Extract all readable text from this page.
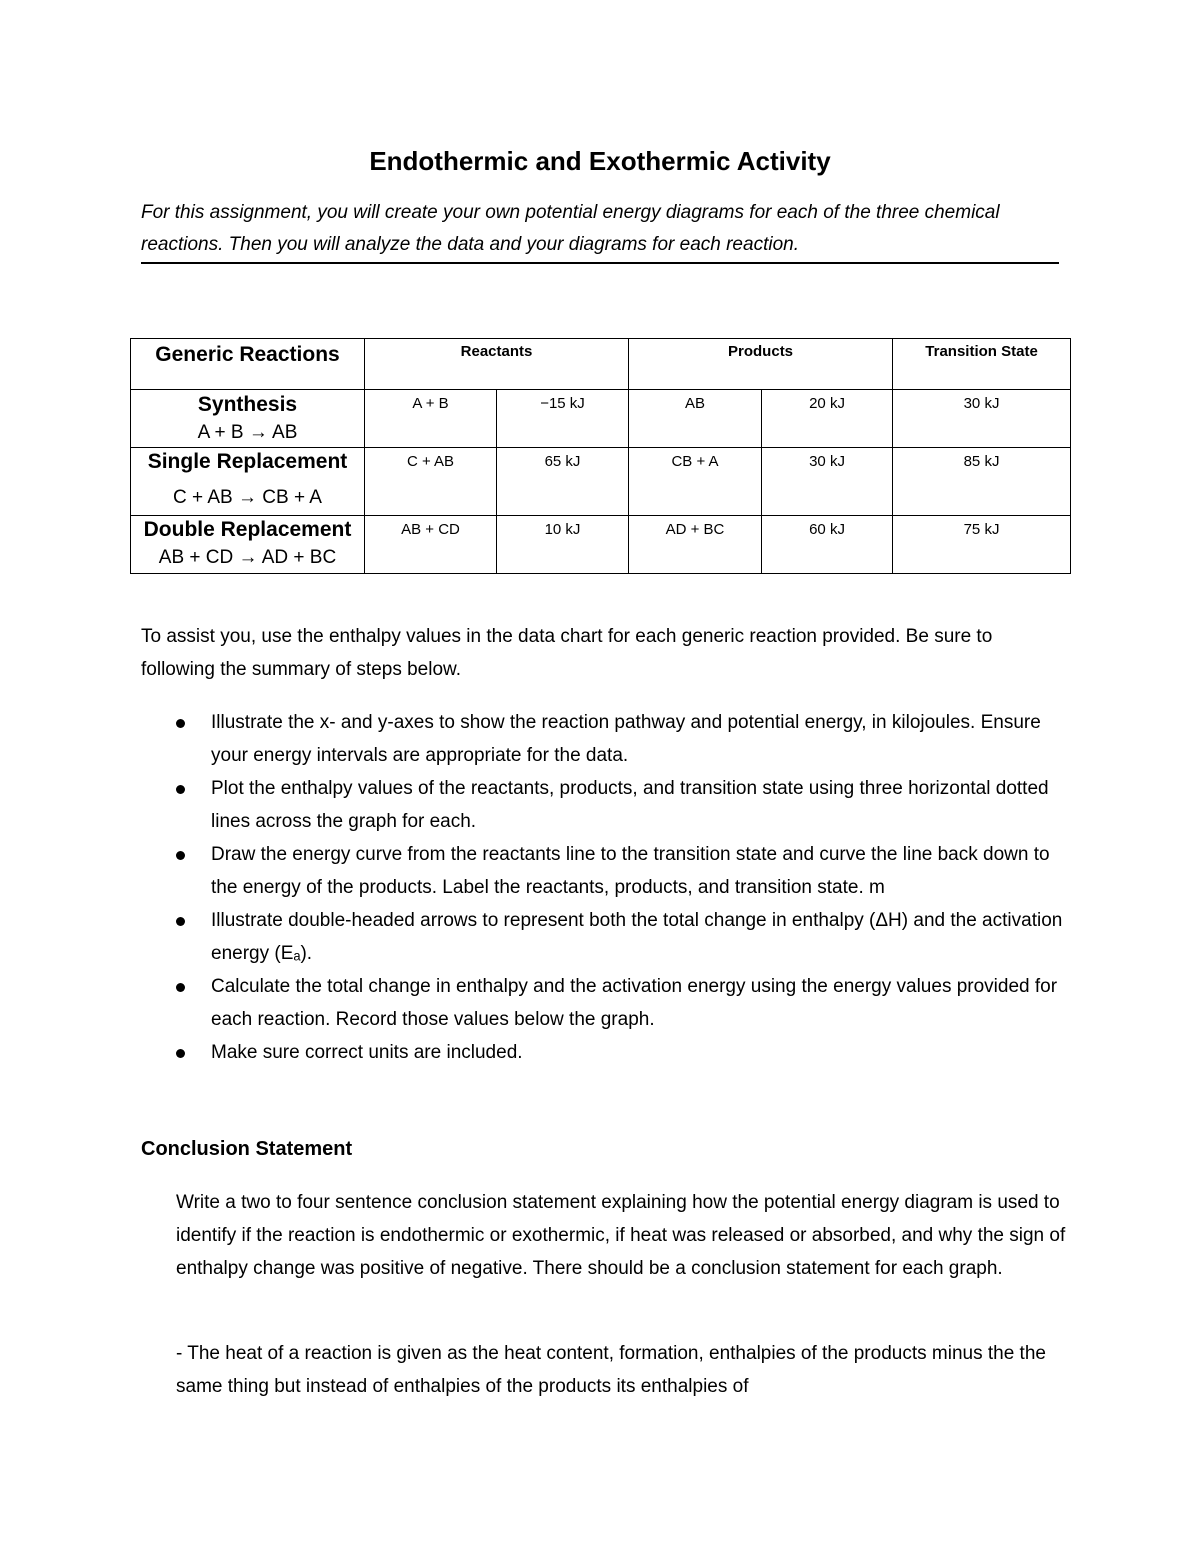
Endothermic and Exothermic Activity
For this assignment, you will create your own potential energy diagrams for each of the three chemical reactions. Then you will analyze the data and your diagrams for each reaction.
Generic Reactions	Reactants		Products		Transition State

Synthesis
A + B → AB	A + B	−15 kJ	AB	20 kJ	30 kJ

Single Replacement
C + AB → CB + A	C + AB	65 kJ	CB + A	30 kJ	85 kJ

Double Replacement
AB + CD → AD + BC	AB + CD	10 kJ	AD + BC	60 kJ	75 kJ
To assist you, use the enthalpy values in the data chart for each generic reaction provided. Be sure to following the summary of steps below.
Illustrate the x- and y-axes to show the reaction pathway and potential energy, in kilojoules. Ensure your energy intervals are appropriate for the data.
Plot the enthalpy values of the reactants, products, and transition state using three horizontal dotted lines across the graph for each.
Draw the energy curve from the reactants line to the transition state and curve the line back down to the energy of the products. Label the reactants, products, and transition state. m
Illustrate double-headed arrows to represent both the total change in enthalpy (ΔH) and the activation energy (Eₐ).
Calculate the total change in enthalpy and the activation energy using the energy values provided for each reaction. Record those values below the graph.
Make sure correct units are included.
Conclusion Statement
Write a two to four sentence conclusion statement explaining how the potential energy diagram is used to identify if the reaction is endothermic or exothermic, if heat was released or absorbed, and why the sign of enthalpy change was positive of negative. There should be a conclusion statement for each graph.
- The heat of a reaction is given as the heat content, formation, enthalpies of the products minus the the same thing but instead of enthalpies of the products its enthalpies of
